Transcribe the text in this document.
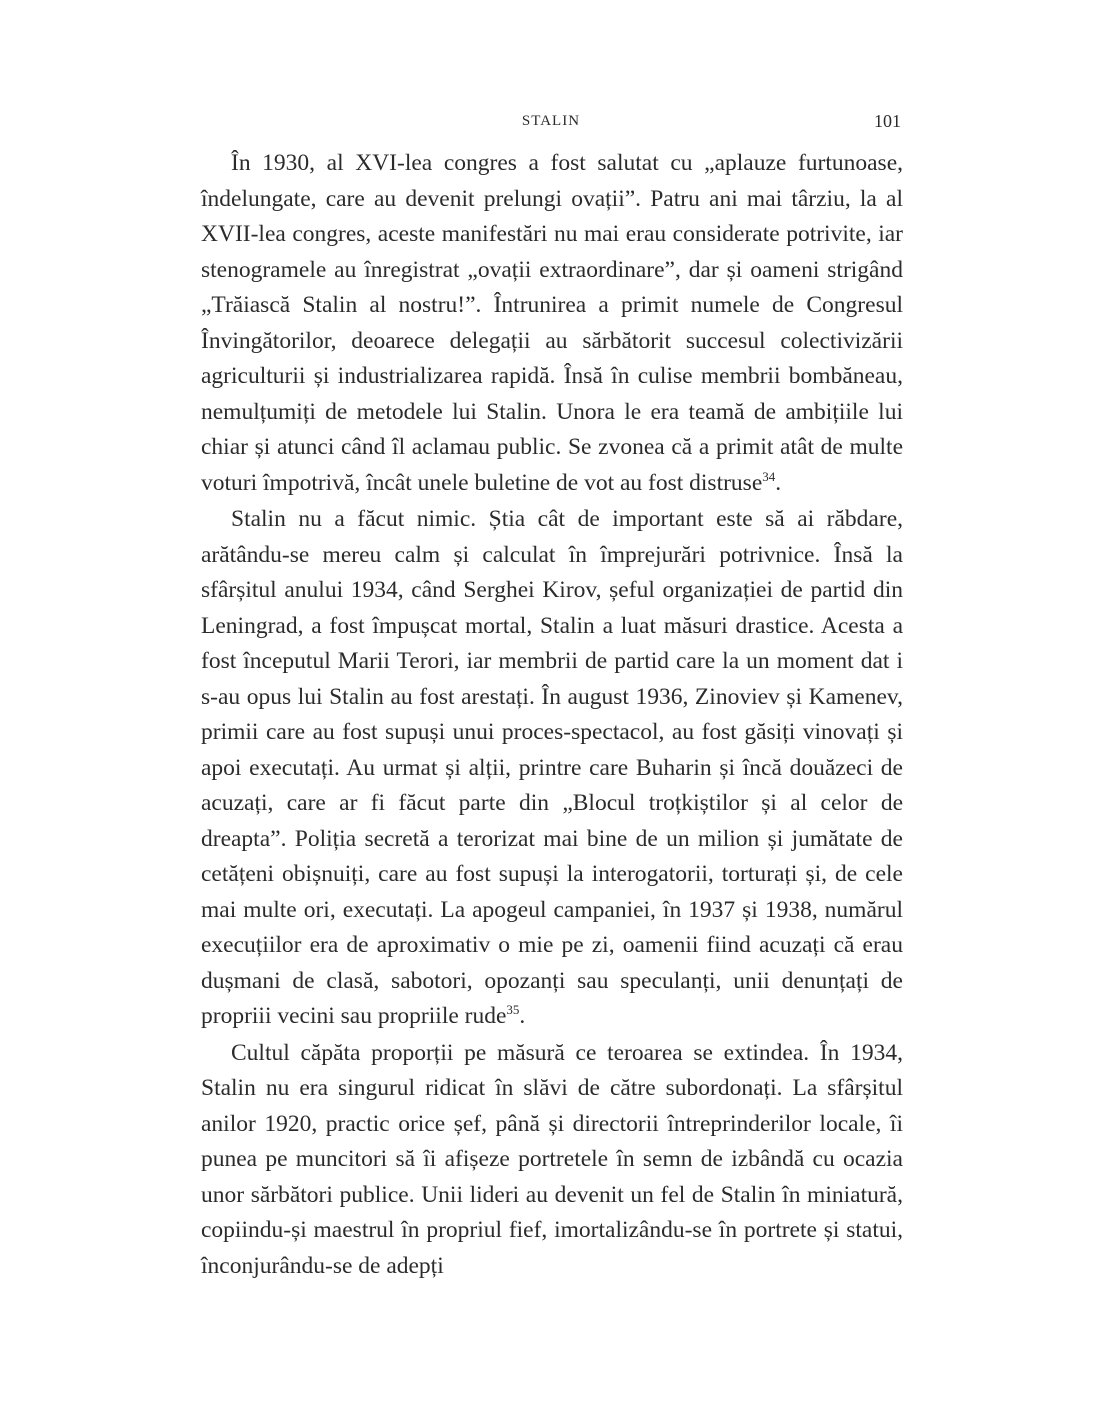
STALIN	101

În 1930, al XVI-lea congres a fost salutat cu „aplauze furtunoase, îndelungate, care au devenit prelungi ovații”. Patru ani mai târziu, la al XVII-lea congres, aceste manifestări nu mai erau considerate potrivite, iar stenogramele au înregistrat „ovații extraordinare”, dar și oameni strigând „Trăiască Stalin al nostru!”. Întrunirea a primit numele de Congresul Învingătorilor, deoarece delegații au sărbătorit succesul colectivizării agriculturii și industrializarea rapidă. Însă în culise membrii bombăneau, nemulțumiți de metodele lui Stalin. Unora le era teamă de ambițiile lui chiar și atunci când îl aclamau public. Se zvonea că a primit atât de multe voturi împotrivă, încât unele buletine de vot au fost distruse$^{34}$.

Stalin nu a făcut nimic. Știa cât de important este să ai răbdare, arătându-se mereu calm și calculat în împrejurări potrivnice. Însă la sfârșitul anului 1934, când Serghei Kirov, șeful organizației de partid din Leningrad, a fost împușcat mortal, Stalin a luat măsuri drastice. Acesta a fost începutul Marii Terori, iar membrii de partid care la un moment dat i s-au opus lui Stalin au fost arestați. În august 1936, Zinoviev și Kamenev, primii care au fost supuși unui proces-spectacol, au fost găsiți vinovați și apoi executați. Au urmat și alții, printre care Buharin și încă douăzeci de acuzați, care ar fi făcut parte din „Blocul troțkiștilor și al celor de dreapta”. Poliția secretă a terorizat mai bine de un milion și jumătate de cetățeni obișnuiți, care au fost supuși la interogatorii, torturați și, de cele mai multe ori, executați. La apogeul campaniei, în 1937 și 1938, numărul execuțiilor era de aproximativ o mie pe zi, oamenii fiind acuzați că erau dușmani de clasă, sabotori, opozanți sau speculanți, unii denunțați de propriii vecini sau propriile rude$^{35}$.

Cultul căpăta proporții pe măsură ce teroarea se extindea. În 1934, Stalin nu era singurul ridicat în slăvi de către subordonați. La sfârșitul anilor 1920, practic orice șef, până și directorii întreprinderilor locale, îi punea pe muncitori să îi afișeze portretele în semn de izbândă cu ocazia unor sărbători publice. Unii lideri au devenit un fel de Stalin în miniatură, copiindu-și maestrul în propriul fief, imortalizându-se în portrete și statui, înconjurându-se de adepți
